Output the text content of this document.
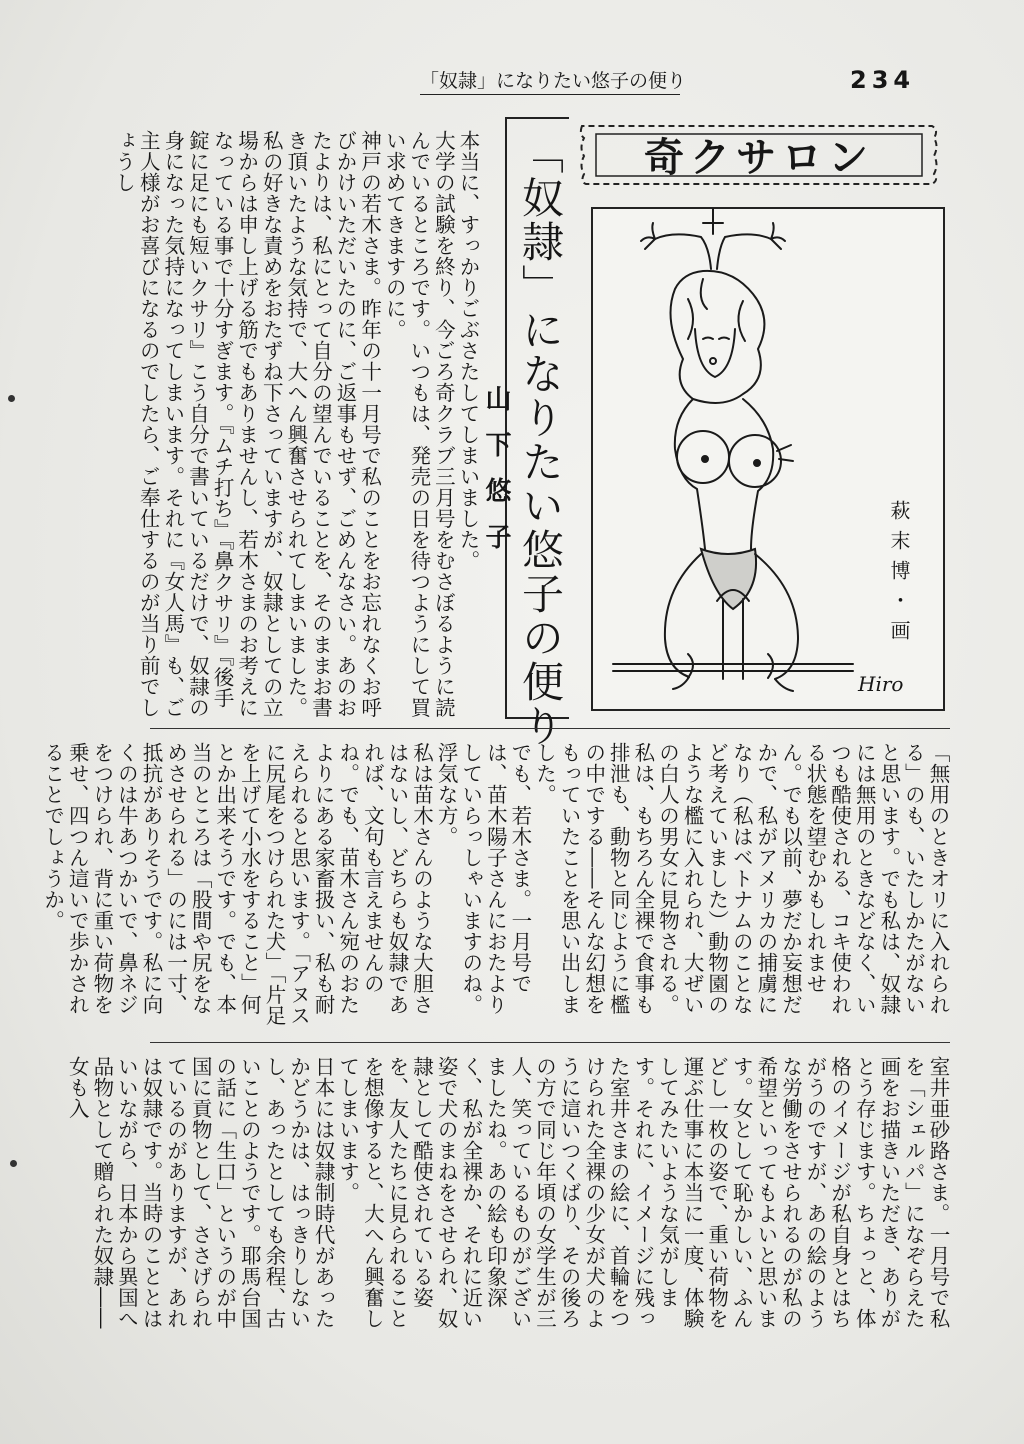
「奴隷」になりたい悠子の便り	234
奇クサロン
「奴隷」になりたい悠子の便り
山下悠子
萩末博・画
Hiro

本当に、すっかりごぶさたしてしまいました。

大学の試験を終り、今ごろ奇クラブ三月号をむさぼるように読んでいるところです。いつもは、発売の日を待つようにして買い求めてきますのに。

神戸の若木さま。昨年の十一月号で私のことをお忘れなくお呼びかけいただいたのに、ご返事もせず、ごめんなさい。あのおたよりは、私にとって自分の望んでいることを、そのままお書き頂いたような気持で、大へん興奮させられてしまいました。私の好きな責めをおたずね下さっていますが、奴隷としての立場からは申し上げる筋でもありませんし、若木さまのお考えになっている事で十分すぎます。『ムチ打ち』『鼻クサリ』『後手錠に足にも短いクサリ』こう自分で書いているだけで、奴隷の身になった気持になってしまいます。それに『女人馬』も、ご主人様がお喜びになるのでしたら、ご奉仕するのが当り前でしょうし

「無用のときオリに入れられる」のも、いたしかたがないと思います。でも私は、奴隷には無用のときなどなく、いつも酷使される、コキ使われる状態を望むかもしれません。でも以前、夢だか妄想だかで、私がアメリカの捕虜になり（私はベトナムのことなど考えていました）動物園のような檻に入れられ、大ぜいの白人の男女に見物される。私は、もちろん全裸で食事も排泄も、動物と同じように檻の中でする――そんな幻想をもっていたことを思い出しました。

でも、若木さま。一月号では、苗木陽子さんにおたよりしていらっしゃいますのね。浮気な方。

私は苗木さんのような大胆さはないし、どちらも奴隷であれば、文句も言えませんのね。でも、苗木さん宛のおたよりにある家畜扱い、私も耐えられると思います。「アヌスに尻尾をつけられた犬」「片足を上げて小水をすること」何とか出来そうです。でも、本当のところは「股間や尻をなめさせられる」のには一寸、抵抗がありそうです。私に向くのは牛あつかいで、鼻ネジをつけられ、背に重い荷物を乗せ、四つん這いで歩かされることでしょうか。

室井亜砂路さま。一月号で私を「シェルパ」になぞらえた画をお描きいただき、ありがとう存じます。ちょっと、体格のイメージが私自身とはちがうのですが、あの絵のような労働をさせられるのが私の希望といってもよいと思います。女として恥かしい、ふんどし一枚の姿で、重い荷物を運ぶ仕事に本当に一度、体験してみたいような気がします。それに、イメージに残った室井さまの絵に、首輪をつけられた全裸の少女が犬のように這いつくばり、その後ろの方で同じ年頃の女学生が三人、笑っているものがございましたね。あの絵も印象深く、私が全裸か、それに近い姿で犬のまねをさせられ、奴隷として酷使されている姿を、友人たちに見られることを想像すると、大へん興奮してしまいます。

日本には奴隷制時代があったかどうかは、はっきりしないし、あったとしても余程、古いことのようです。耶馬台国の話に「生口」というのが中国に貢物として、ささげられているのがありますが、あれは奴隷です。当時のこととはいいながら、日本から異国へ品物として贈られた奴隷――女も入
